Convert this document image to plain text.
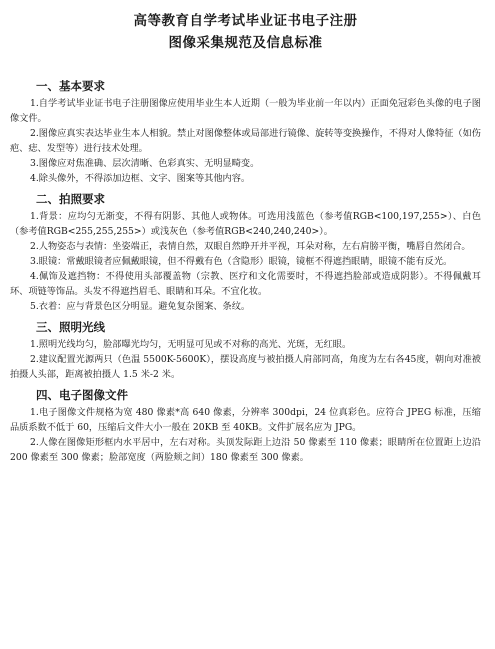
高等教育自学考试毕业证书电子注册
图像采集规范及信息标准
一、基本要求

1.自学考试毕业证书电子注册图像应使用毕业生本人近期（一般为毕业前一年以内）正面免冠彩色头像的电子图像文件。

2.图像应真实表达毕业生本人相貌。禁止对图像整体或局部进行镜像、旋转等变换操作，不得对人像特征（如伤疤、痣、发型等）进行技术处理。

3.图像应对焦准确、层次清晰、色彩真实、无明显畸变。

4.除头像外，不得添加边框、文字、图案等其他内容。

二、拍照要求

1.背景：应均匀无渐变，不得有阴影、其他人或物体。可选用浅蓝色（参考值RGB<100,197,255>）、白色（参考值RGB<255,255,255>）或浅灰色（参考值RGB<240,240,240>）。

2.人物姿态与表情：坐姿端正，表情自然，双眼自然睁开并平视，耳朵对称，左右肩膀平衡，嘴唇自然闭合。

3.眼镜：常戴眼镜者应佩戴眼镜，但不得戴有色（含隐形）眼镜，镜框不得遮挡眼睛，眼镜不能有反光。

4.佩饰及遮挡物：不得使用头部覆盖物（宗教、医疗和文化需要时，不得遮挡脸部或造成阴影）。不得佩戴耳环、项链等饰品。头发不得遮挡眉毛、眼睛和耳朵。不宜化妆。

5.衣着：应与背景色区分明显。避免复杂图案、条纹。

三、照明光线

1.照明光线均匀，脸部曝光均匀，无明显可见或不对称的高光、光斑，无红眼。

2.建议配置光源两只（色温 5500K-5600K），摆设高度与被拍摄人肩部同高，角度为左右各45度，朝向对准被拍摄人头部，距离被拍摄人 1.5 米-2 米。

四、电子图像文件

1.电子图像文件规格为宽 480 像素*高 640 像素，分辨率 300dpi，24 位真彩色。应符合 JPEG 标准，压缩品质系数不低于 60，压缩后文件大小一般在 20KB 至 40KB。文件扩展名应为 JPG。

2.人像在图像矩形框内水平居中，左右对称。头顶发际距上边沿 50 像素至 110 像素；眼睛所在位置距上边沿 200 像素至 300 像素；脸部宽度（两脸颊之间）180 像素至 300 像素。
